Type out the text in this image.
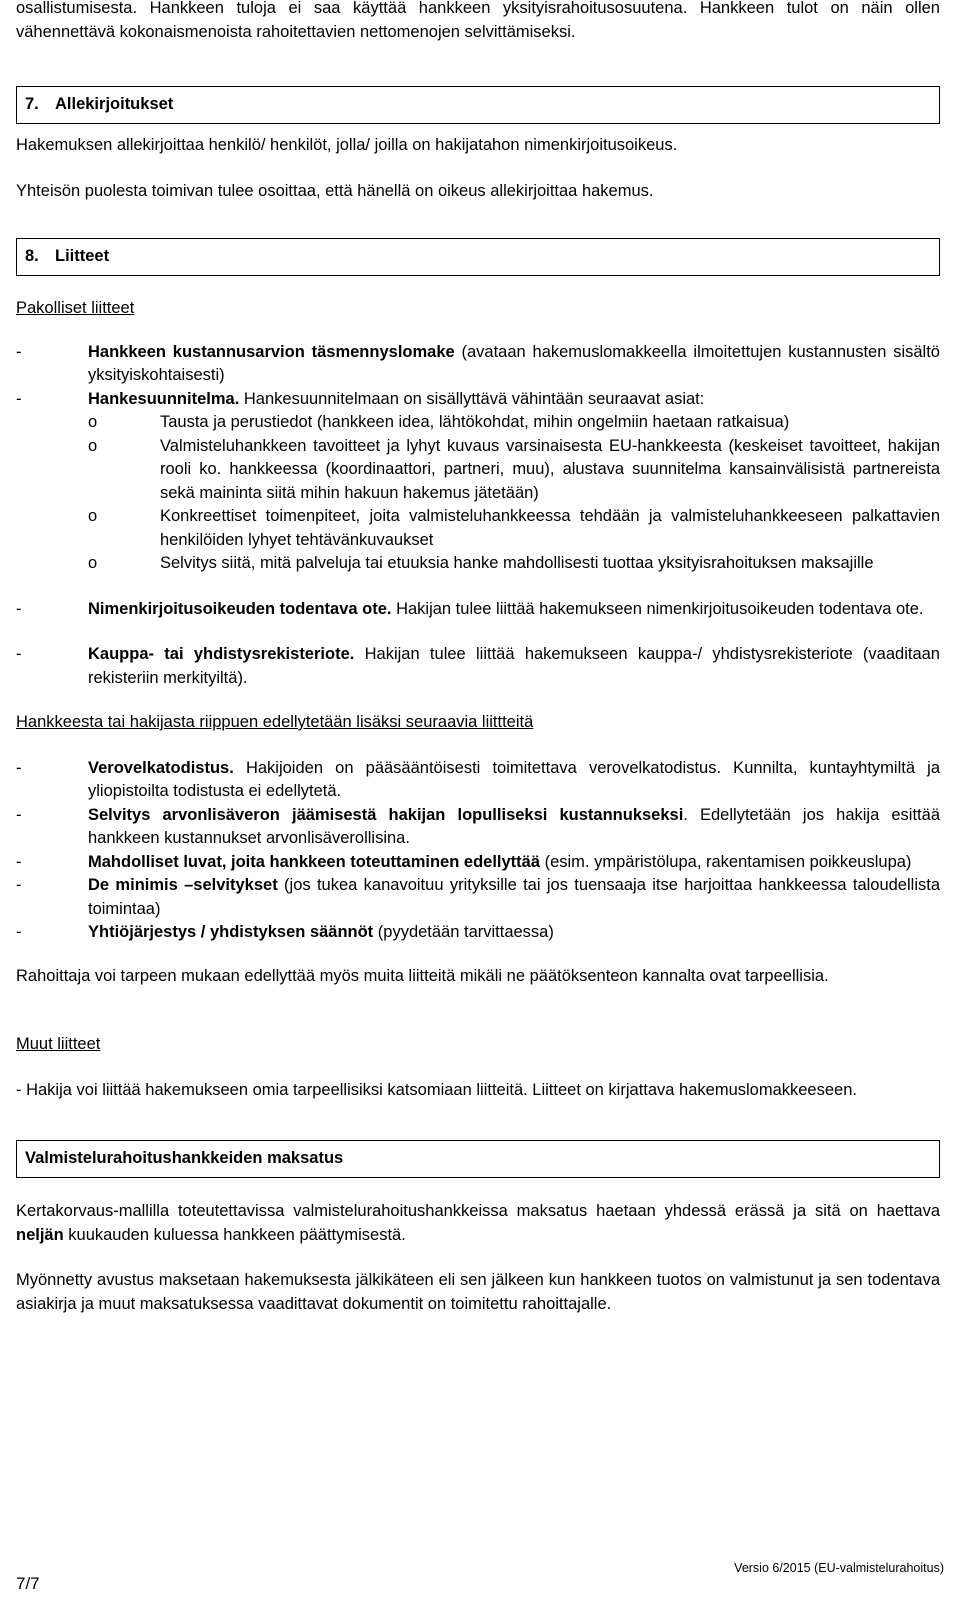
osallistumisesta. Hankkeen tuloja ei saa käyttää hankkeen yksityisrahoitusosuutena. Hankkeen tulot on näin ollen vähennettävä kokonaismenoista rahoitettavien nettomenojen selvittämiseksi.

7. Allekirjoitukset

Hakemuksen allekirjoittaa henkilö/ henkilöt, jolla/ joilla on hakijatahon nimenkirjoitusoikeus.

Yhteisön puolesta toimivan tulee osoittaa, että hänellä on oikeus allekirjoittaa hakemus.

8. Liitteet

Pakolliset liitteet

-	Hankkeen kustannusarvion täsmennyslomake (avataan hakemuslomakkeella ilmoitettujen kustannusten sisältö yksityiskohtaisesti)
-	Hankesuunnitelma. Hankesuunnitelmaan on sisällyttävä vähintään seuraavat asiat:
o	Tausta ja perustiedot (hankkeen idea, lähtökohdat, mihin ongelmiin haetaan ratkaisua)
o	Valmisteluhankkeen tavoitteet ja lyhyt kuvaus varsinaisesta EU-hankkeesta (keskeiset tavoitteet, hakijan rooli ko. hankkeessa (koordinaattori, partneri, muu), alustava suunnitelma kansainvälisistä partnereista sekä maininta siitä mihin hakuun hakemus jätetään)
o	Konkreettiset toimenpiteet, joita valmisteluhankkeessa tehdään ja valmisteluhankkeeseen palkattavien henkilöiden lyhyet tehtävänkuvaukset
o	Selvitys siitä, mitä palveluja tai etuuksia hanke mahdollisesti tuottaa yksityisrahoituksen maksajille
-	Nimenkirjoitusoikeuden todentava ote. Hakijan tulee liittää hakemukseen nimenkirjoitusoikeuden todentava ote.
-	Kauppa- tai yhdistysrekisteriote. Hakijan tulee liittää hakemukseen kauppa-/ yhdistysrekisteriote (vaaditaan rekisteriin merkityiltä).

Hankkeesta tai hakijasta riippuen edellytetään lisäksi seuraavia liittteitä

-	Verovelkatodistus. Hakijoiden on pääsääntöisesti toimitettava verovelkatodistus. Kunnilta, kuntayhtymiltä ja yliopistoilta todistusta ei edellytetä.
-	Selvitys arvonlisäveron jäämisestä hakijan lopulliseksi kustannukseksi. Edellytetään jos hakija esittää hankkeen kustannukset arvonlisäverollisina.
-	Mahdolliset luvat, joita hankkeen toteuttaminen edellyttää (esim. ympäristölupa, rakentamisen poikkeuslupa)
-	De minimis –selvitykset (jos tukea kanavoituu yrityksille tai jos tuensaaja itse harjoittaa hankkeessa taloudellista toimintaa)
-	Yhtiöjärjestys / yhdistyksen säännöt (pyydetään tarvittaessa)

Rahoittaja voi tarpeen mukaan edellyttää myös muita liitteitä mikäli ne päätöksenteon kannalta ovat tarpeellisia.

Muut liitteet

- Hakija voi liittää hakemukseen omia tarpeellisiksi katsomiaan liitteitä. Liitteet on kirjattava hakemuslomakkeeseen.

Valmistelurahoitushankkeiden maksatus

Kertakorvaus-mallilla toteutettavissa valmistelurahoitushankkeissa maksatus haetaan yhdessä erässä ja sitä on haettava neljän kuukauden kuluessa hankkeen päättymisestä.

Myönnetty avustus maksetaan hakemuksesta jälkikäteen eli sen jälkeen kun hankkeen tuotos on valmistunut ja sen todentava asiakirja ja muut maksatuksessa vaadittavat dokumentit on toimitettu rahoittajalle.

Versio 6/2015 (EU-valmistelurahoitus)
7/7
